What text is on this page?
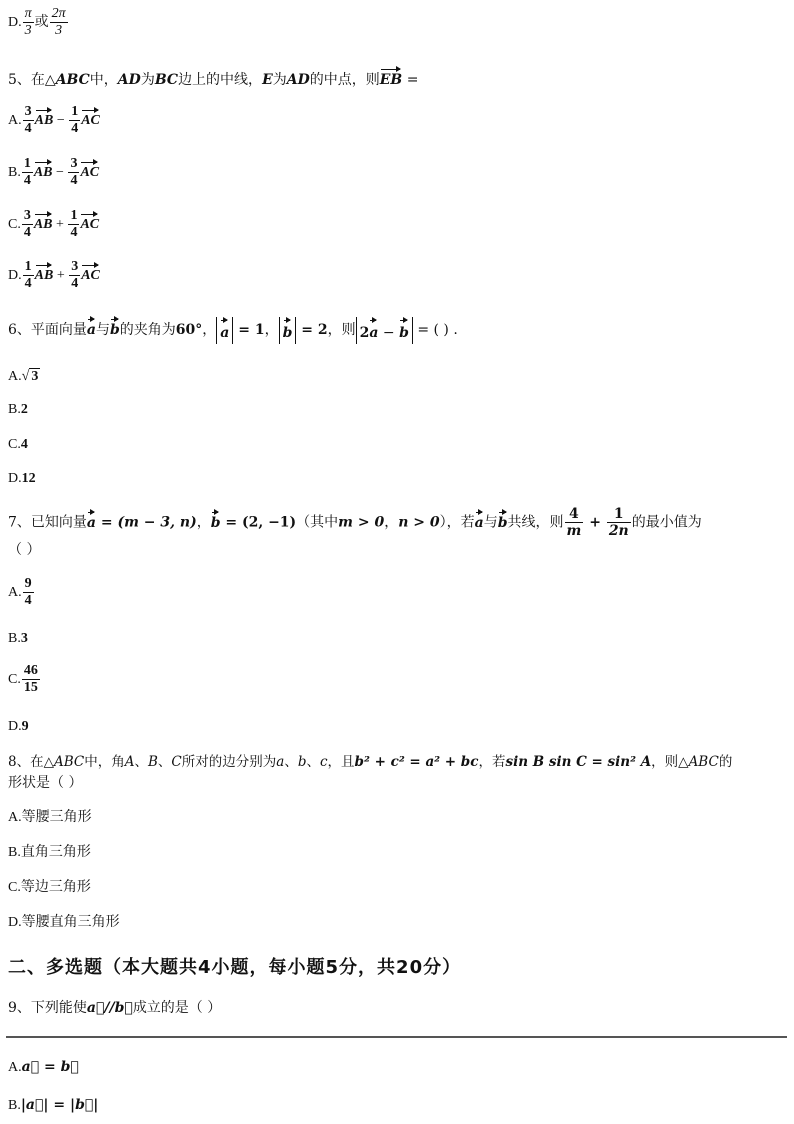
D. $\frac{\pi}{3}$ 或 $\frac{2\pi}{3}$
5、在△ABC中，AD为BC边上的中线，E为AD的中点，则EB =
A. $\frac{3}{4}$ AB − $\frac{1}{4}$ AC
B. $\frac{1}{4}$ AB − $\frac{3}{4}$ AC
C. $\frac{3}{4}$ AB + $\frac{1}{4}$ AC
D. $\frac{1}{4}$ AB + $\frac{3}{4}$ AC
6、平面向量a与b的夹角为60°， a = 1， b = 2，则 2a − b = ( ) .
A.√ 3
B.2
C.4
D.12
7、已知向量a = (m − 3, n)，b = (2, −1)（其中m > 0，n > 0），若a与b共线，则 $\frac{4}{m} + \frac{1}{2n}$ 的最小值为
（ ）
A. $\frac{9}{4}$
B.3
C. $\frac{46}{15}$
D.9
8、在△ABC中，角A、B、C所对的边分别为a、b、c，且b² + c² = a² + bc，若sin B sin C = sin² A，则△ABC的
形状是（ ）
A.等腰三角形
B.直角三角形
C.等边三角形
D.等腰直角三角形
二、多选题（本大题共4小题，每小题5分，共20分）
9、下列能使a⃗//b⃗成立的是（ ）
A.a⃗ = b⃗
B.|a⃗| = |b⃗|
